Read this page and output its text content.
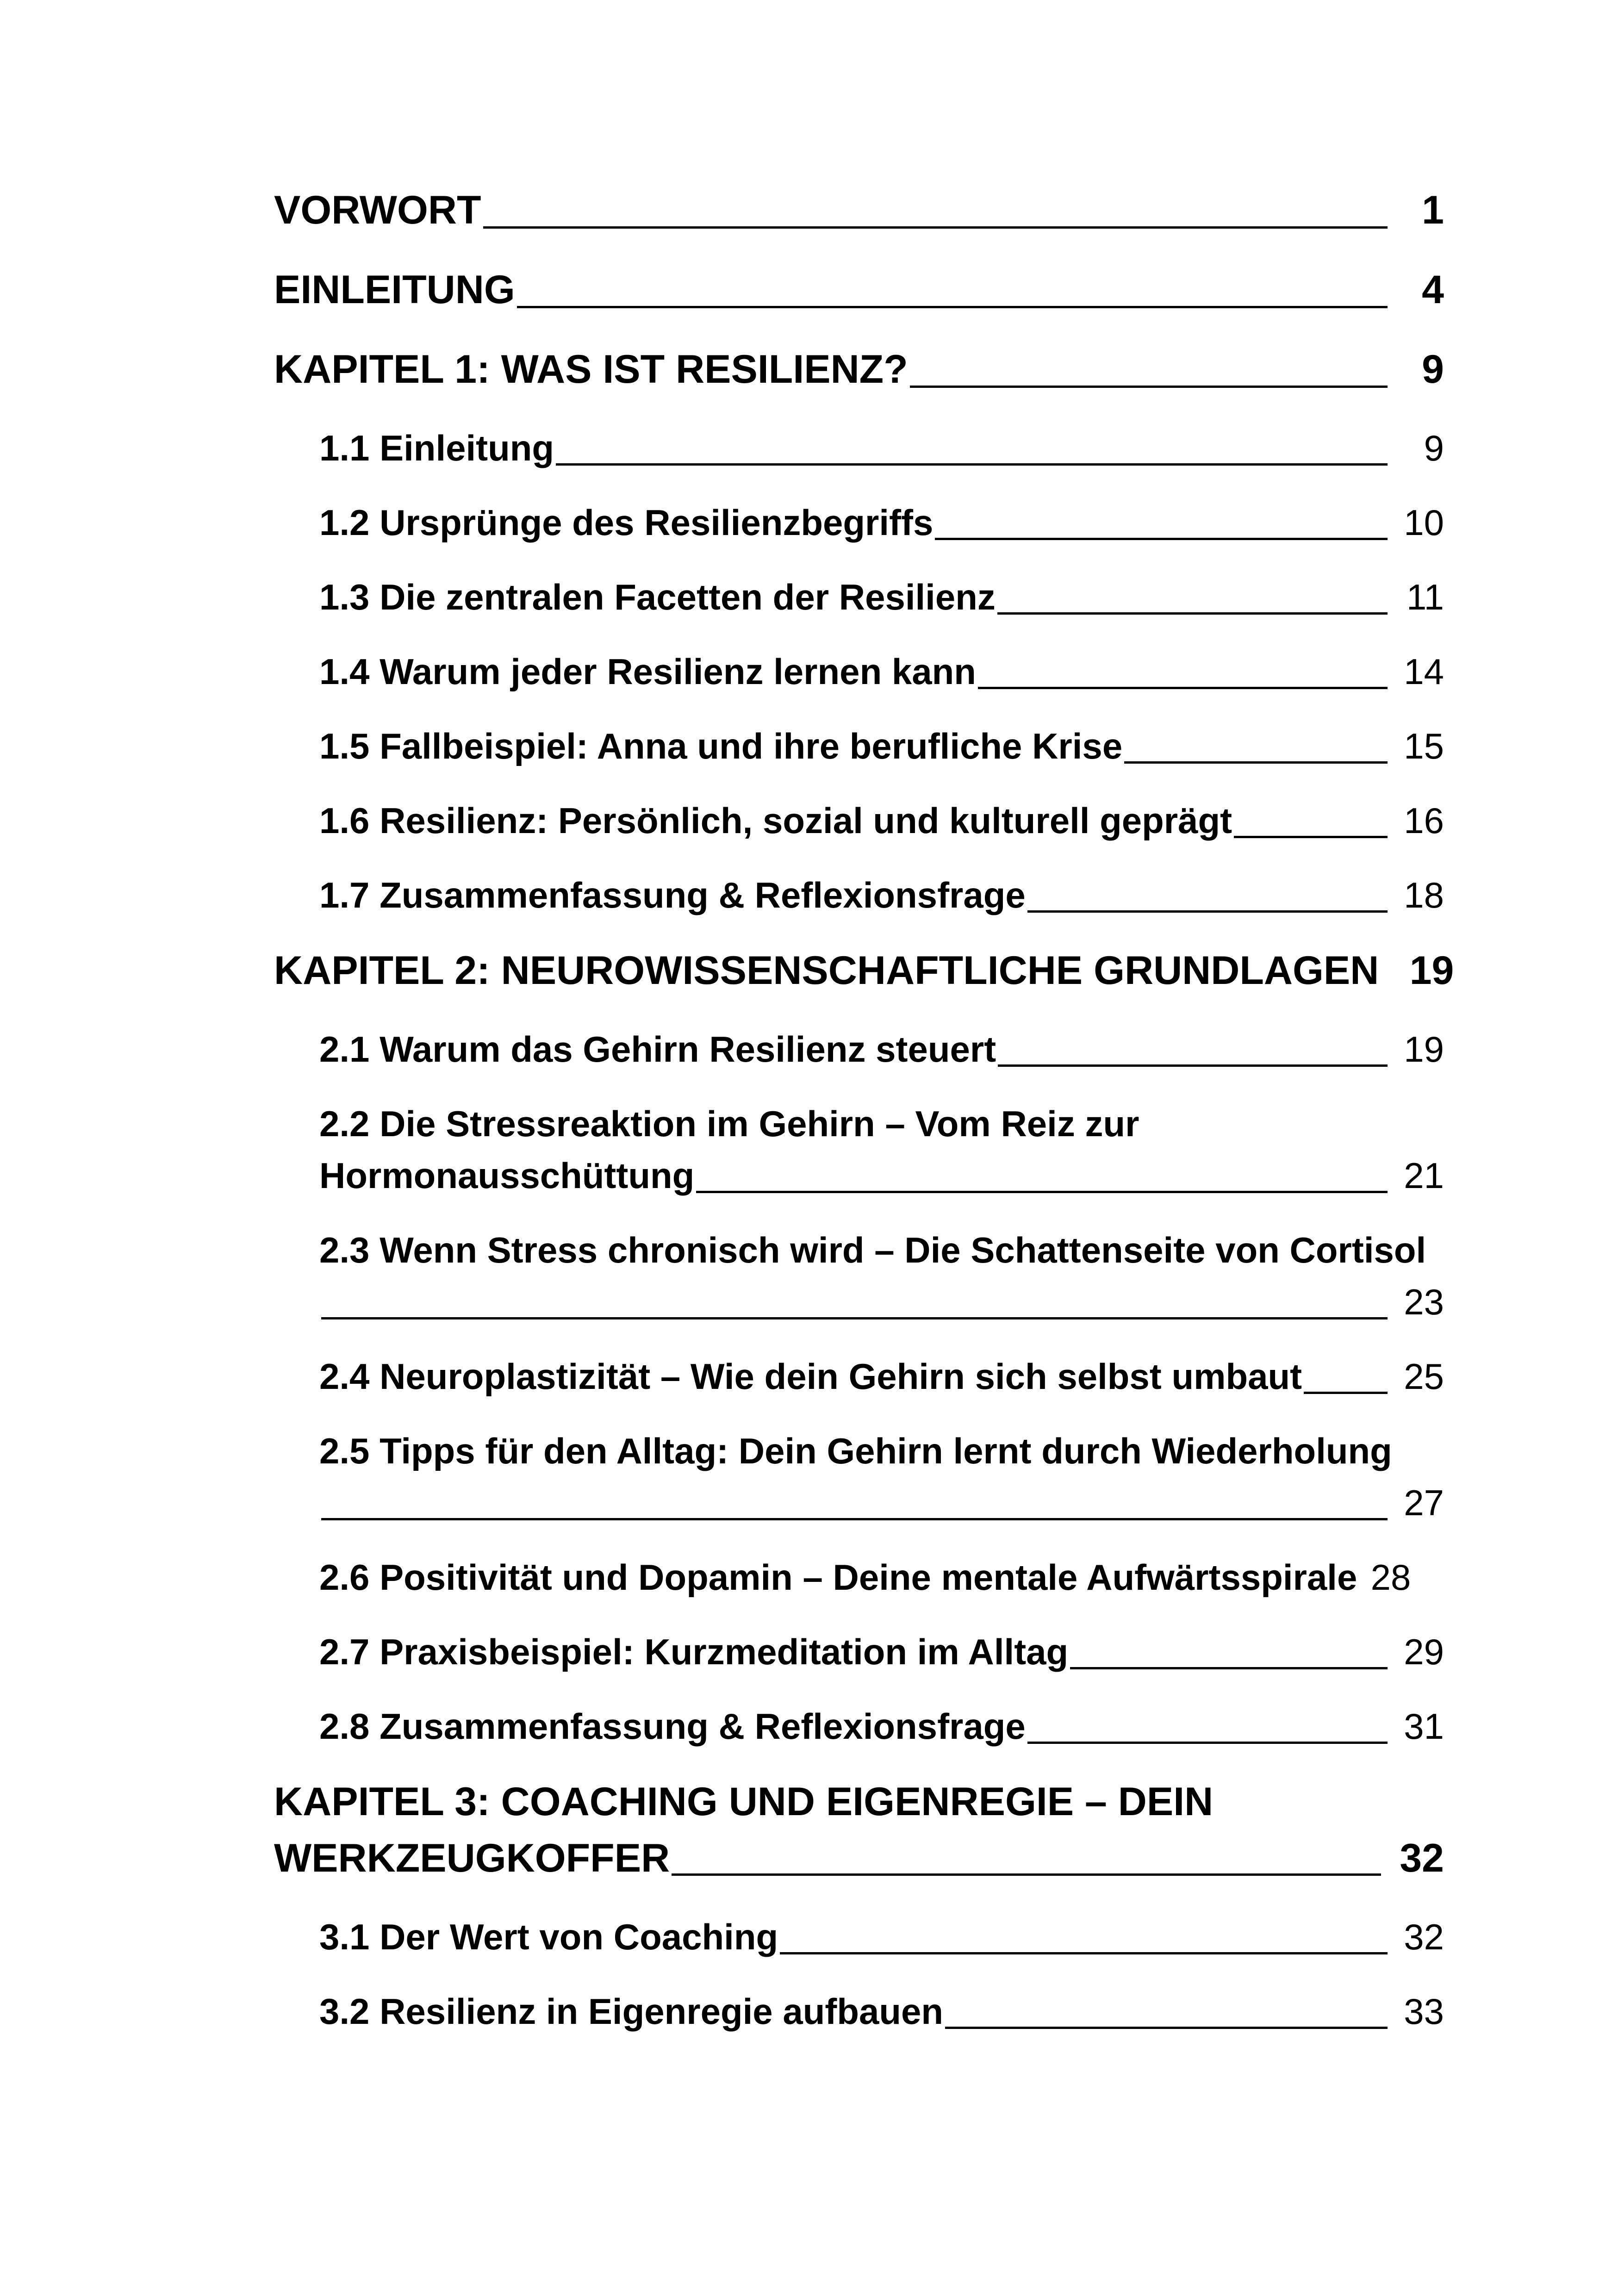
VORWORT	1
EINLEITUNG	4
KAPITEL 1: WAS IST RESILIENZ?	9
1.1 Einleitung	9
1.2 Ursprünge des Resilienzbegriffs	10
1.3 Die zentralen Facetten der Resilienz	11
1.4 Warum jeder Resilienz lernen kann	14
1.5 Fallbeispiel: Anna und ihre berufliche Krise	15
1.6 Resilienz: Persönlich, sozial und kulturell geprägt	16
1.7 Zusammenfassung & Reflexionsfrage	18
KAPITEL 2: NEUROWISSENSCHAFTLICHE GRUNDLAGEN 19
2.1 Warum das Gehirn Resilienz steuert	19
2.2 Die Stressreaktion im Gehirn – Vom Reiz zur
Hormonausschüttung	21
2.3 Wenn Stress chronisch wird – Die Schattenseite von Cortisol
23
2.4 Neuroplastizität – Wie dein Gehirn sich selbst umbaut	25
2.5 Tipps für den Alltag: Dein Gehirn lernt durch Wiederholung
27
2.6 Positivität und Dopamin – Deine mentale Aufwärtsspirale 28
2.7 Praxisbeispiel: Kurzmeditation im Alltag	29
2.8 Zusammenfassung & Reflexionsfrage	31
KAPITEL 3: COACHING UND EIGENREGIE – DEIN
WERKZEUGKOFFER	32
3.1 Der Wert von Coaching	32
3.2 Resilienz in Eigenregie aufbauen	33
